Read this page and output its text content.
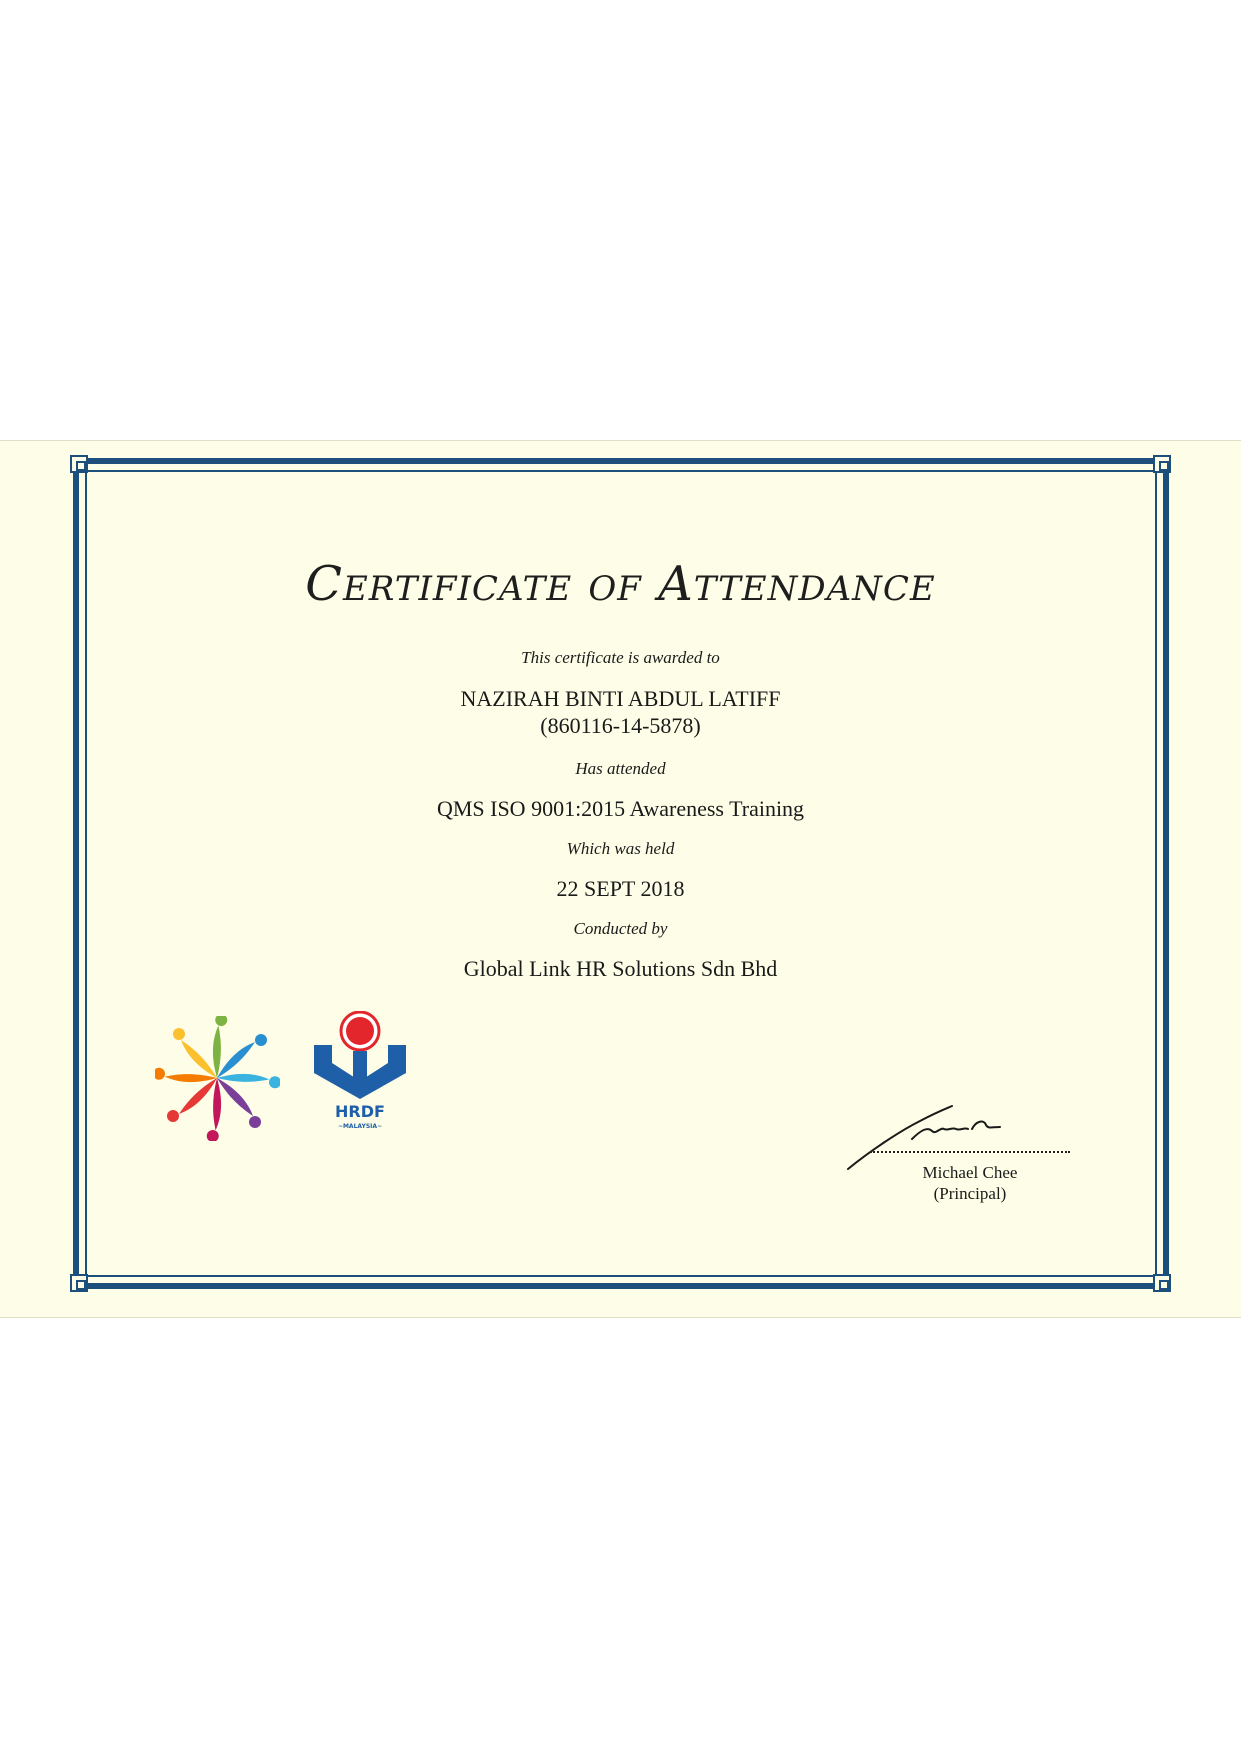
Certificate of Attendance
This certificate is awarded to
NAZIRAH BINTI ABDUL LATIFF
(860116-14-5878)
Has attended
QMS ISO 9001:2015 Awareness Training
Which was held
22 SEPT 2018
Conducted by
Global Link HR Solutions Sdn Bhd
HRDF
~MALAYSIA~
Michael Chee
(Principal)
